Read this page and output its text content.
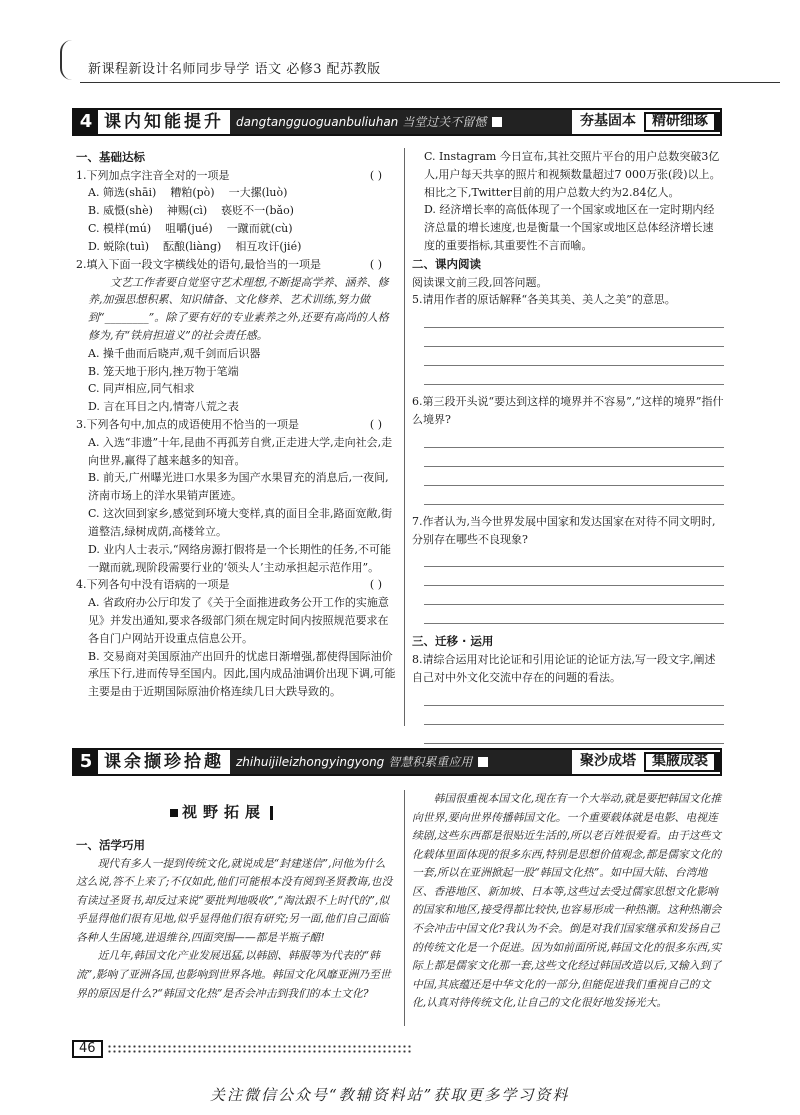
新课程新设计名师同步导学 语文 必修3 配苏教版
4 课内知能提升	dangtangguoguanbuliuhan 当堂过关不留憾	夯基固本	精研细琢
一、基础达标
1.下列加点字注音全对的一项是	( )
A. 筛选(shāi) 糟粕(pò) 一大摞(luò)
B. 威慑(shè) 神赐(cì) 亵贬不一(bǎo)
C. 模样(mú) 咀嚼(jué) 一蹴而就(cù)
D. 蜕除(tuì) 酝酿(liàng) 相互攻讦(jié)
2.填入下面一段文字横线处的语句,最恰当的一项是	( )
文艺工作者要自觉坚守艺术理想,不断提高学养、涵养、修养,加强思想积累、知识储备、文化修养、艺术训练,努力做到“________”。除了要有好的专业素养之外,还要有高尚的人格修为,有“铁肩担道义”的社会责任感。
A. 操千曲而后晓声,观千剑而后识器
B. 笼天地于形内,挫万物于笔端
C. 同声相应,同气相求
D. 言在耳目之内,情寄八荒之表
3.下列各句中,加点的成语使用不恰当的一项是	( )
A. 入选“非遗”十年,昆曲不再孤芳自赏,正走进大学,走向社会,走向世界,赢得了越来越多的知音。
B. 前天,广州曝光进口水果多为国产水果冒充的消息后,一夜间,济南市场上的洋水果销声匿迹。
C. 这次回到家乡,感觉到环境大变样,真的面目全非,路面宽敞,街道整洁,绿树成荫,高楼耸立。
D. 业内人士表示,“网络房源打假将是一个长期性的任务,不可能一蹴而就,现阶段需要行业的‘领头人’主动承担起示范作用”。
4.下列各句中没有语病的一项是	( )
A. 省政府办公厅印发了《关于全面推进政务公开工作的实施意见》并发出通知,要求各级部门须在规定时间内按照规范要求在各自门户网站开设重点信息公开。
B. 交易商对美国原油产出回升的忧虑日渐增强,都使得国际油价承压下行,进而传导至国内。因此,国内成品油调价出现下调,可能主要是由于近期国际原油价格连续几日大跌导致的。
C. Instagram 今日宣布,其社交照片平台的用户总数突破3亿人,用户每天共享的照片和视频数量超过7 000万张(段)以上。相比之下,Twitter目前的用户总数大约为2.84亿人。
D. 经济增长率的高低体现了一个国家或地区在一定时期内经济总量的增长速度,也是衡量一个国家或地区总体经济增长速度的重要指标,其重要性不言而喻。
二、课内阅读
阅读课文前三段,回答问题。
5.请用作者的原话解释“各美其美、美人之美”的意思。
6.第三段开头说“要达到这样的境界并不容易”,“这样的境界”指什么境界?
7.作者认为,当今世界发展中国家和发达国家在对待不同文明时,分别存在哪些不良现象?
三、迁移 · 运用
8.请综合运用对比论证和引用论证的论证方法,写一段文字,阐述自己对中外文化交流中存在的问题的看法。
5 课余撷珍拾趣	zhihuijileizhongyingyong 智慧积累重应用	聚沙成塔	集腋成裘
视野拓展
一、活学巧用
现代有多人一提到传统文化,就说成是“封建迷信”,问他为什么这么说,答不上来了;不仅如此,他们可能根本没有阅到圣贤教诲,也没有读过圣贤书,却反过来说“要批判地吸收”,“淘汰跟不上时代的”,似乎显得他们很有见地,似乎显得他们很有研究;另一面,他们自己面临各种人生困境,进退维谷,四面突围——都是半瓶子醋!
近几年,韩国文化产业发展迅猛,以韩剧、韩服等为代表的“韩流”,影响了亚洲各国,也影响到世界各地。韩国文化风靡亚洲乃至世界的原因是什么?“韩国文化热”是否会冲击到我们的本土文化?
韩国很重视本国文化,现在有一个大举动,就是要把韩国文化推向世界,要向世界传播韩国文化。一个重要载体就是电影、电视连续剧,这些东西都是很贴近生活的,所以老百姓很爱看。由于这些文化载体里面体现的很多东西,特别是思想价值观念,都是儒家文化的一套,所以在亚洲掀起一股“韩国文化热”。如中国大陆、台湾地区、香港地区、新加坡、日本等,这些过去受过儒家思想文化影响的国家和地区,接受得都比较快,也容易形成一种热潮。这种热潮会不会冲击中国文化?我认为不会。倒是对我们国家继承和发扬自己的传统文化是一个促进。因为如前面所说,韩国文化的很多东西,实际上都是儒家文化那一套,这些文化经过韩国改造以后,又输入到了中国,其底蕴还是中华文化的一部分,但能促进我们重视自己的文化,认真对待传统文化,让自己的文化很好地发扬光大。
46
关注微信公众号“教辅资料站”获取更多学习资料
